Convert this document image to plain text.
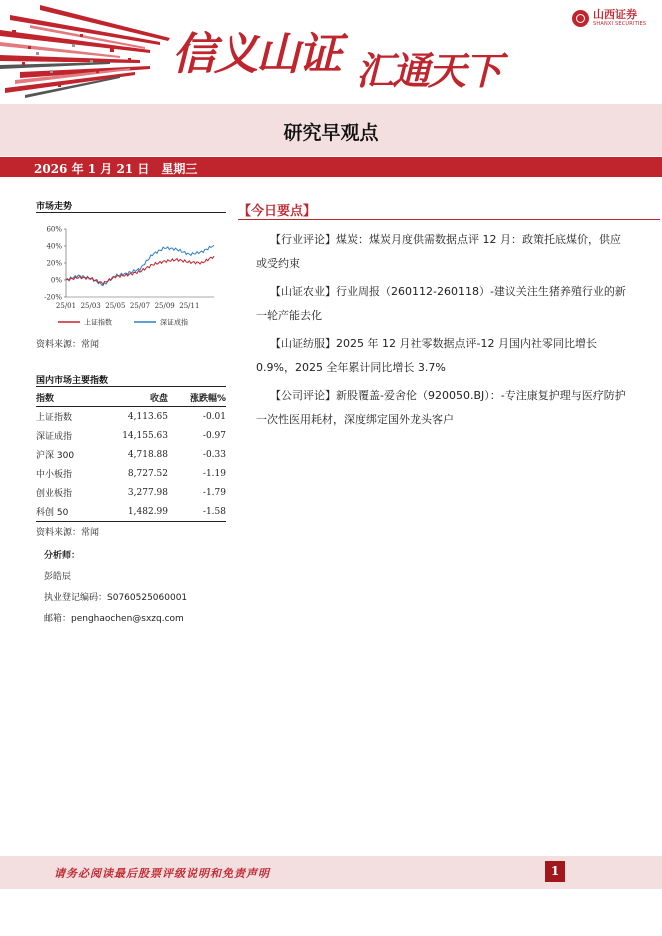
信义山证 汇通天下
山西证券
SHANXI SECURITIES
研究早观点
2026 年 1 月 21 日　星期三
市场走势
60%
40%
20%
0%
-20%
25/01 25/03 25/05 25/07 25/09 25/11
上证指数	深证成指
资料来源：常闻
国内市场主要指数
指数	收盘	涨跌幅%
上证指数	4,113.65	-0.01
深证成指	14,155.63	-0.97
沪深 300	4,718.88	-0.33
中小板指	8,727.52	-1.19
创业板指	3,277.98	-1.79
科创 50	1,482.99	-1.58
资料来源：常闻
分析师：
彭皓辰
执业登记编码：S0760525060001
邮箱：penghaochen@sxzq.com
【今日要点】
【行业评论】煤炭：煤炭月度供需数据点评 12 月：政策托底煤价，供应或受约束
【山证农业】行业周报（260112-260118）-建议关注生猪养殖行业的新一轮产能去化
【山证纺服】2025 年 12 月社零数据点评-12 月国内社零同比增长 0.9%，2025 全年累计同比增长 3.7%
【公司评论】新股覆盖-爱舍伦（920050.BJ）：-专注康复护理与医疗防护一次性医用耗材，深度绑定国外龙头客户
请务必阅读最后股票评级说明和免责声明	1
